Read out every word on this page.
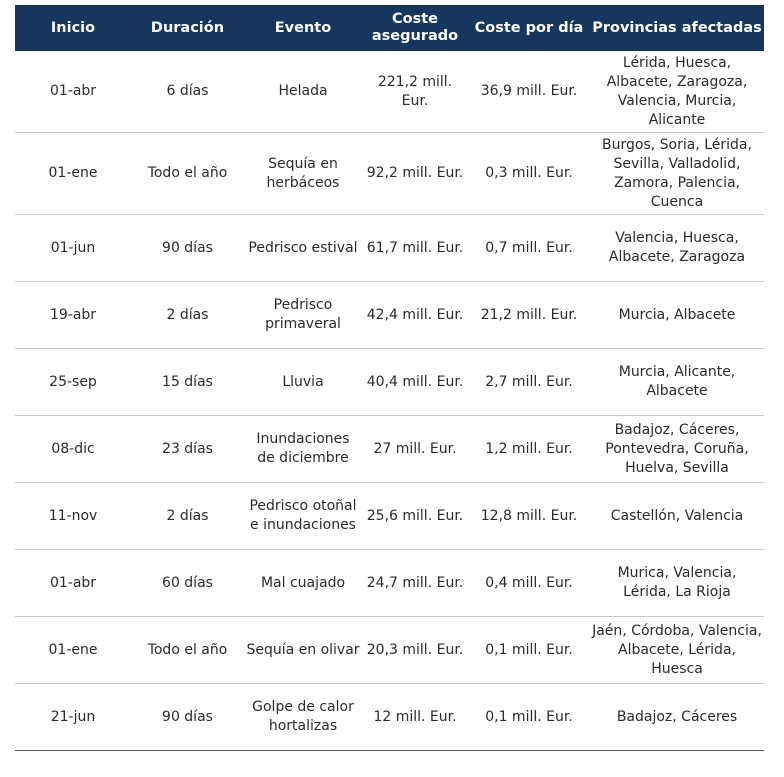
Inicio	Duración	Evento	Coste asegurado	Coste por día	Provincias afectadas
01-abr	6 días	Helada	221,2 mill. Eur.	36,9 mill. Eur.	Lérida, Huesca, Albacete, Zaragoza, Valencia, Murcia, Alicante
01-ene	Todo el año	Sequía en herbáceos	92,2 mill. Eur.	0,3 mill. Eur.	Burgos, Soria, Lérida, Sevilla, Valladolid, Zamora, Palencia, Cuenca
01-jun	90 días	Pedrisco estival	61,7 mill. Eur.	0,7 mill. Eur.	Valencia, Huesca, Albacete, Zaragoza
19-abr	2 días	Pedrisco primaveral	42,4 mill. Eur.	21,2 mill. Eur.	Murcia, Albacete
25-sep	15 días	Lluvia	40,4 mill. Eur.	2,7 mill. Eur.	Murcia, Alicante, Albacete
08-dic	23 días	Inundaciones de diciembre	27 mill. Eur.	1,2 mill. Eur.	Badajoz, Cáceres, Pontevedra, Coruña, Huelva, Sevilla
11-nov	2 días	Pedrisco otoñal e inundaciones	25,6 mill. Eur.	12,8 mill. Eur.	Castellón, Valencia
01-abr	60 días	Mal cuajado	24,7 mill. Eur.	0,4 mill. Eur.	Murica, Valencia, Lérida, La Rioja
01-ene	Todo el año	Sequía en olivar	20,3 mill. Eur.	0,1 mill. Eur.	Jaén, Córdoba, Valencia, Albacete, Lérida, Huesca
21-jun	90 días	Golpe de calor hortalizas	12 mill. Eur.	0,1 mill. Eur.	Badajoz, Cáceres
